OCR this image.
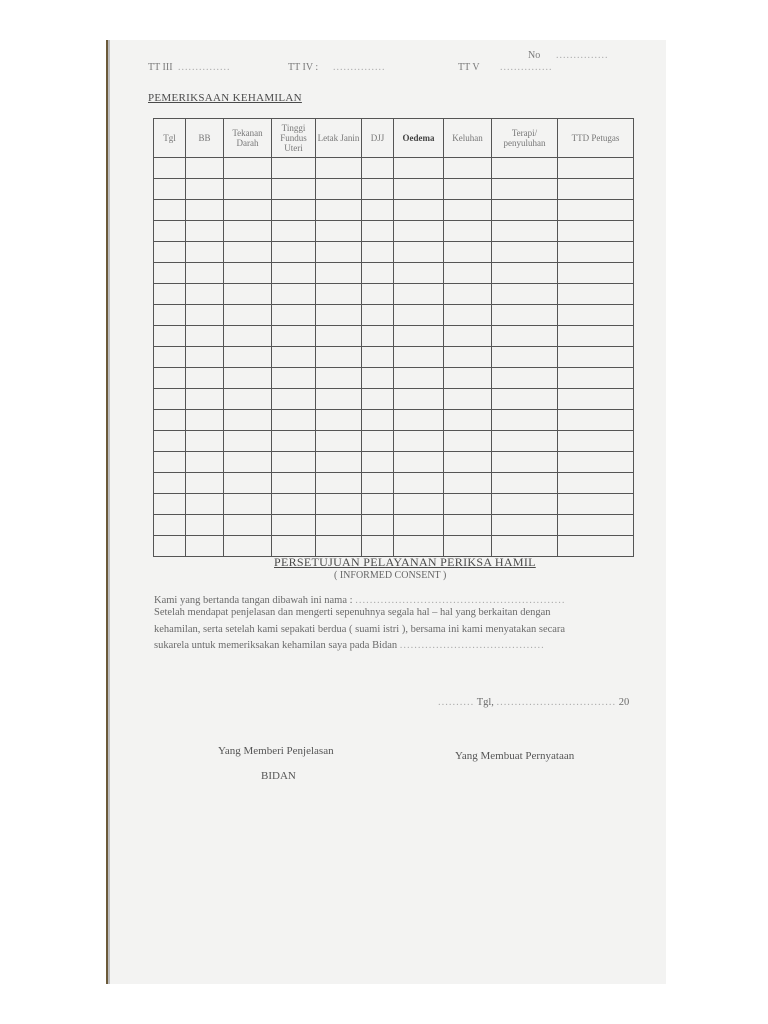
TT III ...............	TT IV : ...............	TT V ...............
No ...............
PEMERIKSAAN KEHAMILAN
Tgl	BB	Tekanan Darah	Tinggi Fundus Uteri	Letak Janin	DJJ	Oedema	Keluhan	Terapi/ penyuluhan	TTD Petugas

PERSETUJUAN PELAYANAN PERIKSA HAMIL
( INFORMED CONSENT )
Kami yang bertanda tangan dibawah ini nama : ..........................................................
Setelah mendapat penjelasan dan mengerti sepenuhnya segala hal – hal yang berkaitan dengan
kehamilan, serta setelah kami sepakati berdua ( suami istri ), bersama ini kami menyatakan secara
sukarela untuk memeriksakan kehamilan saya pada Bidan ........................................
.......... Tgl, ................................. 20
Yang Memberi Penjelasan	Yang Membuat Pernyataan
BIDAN
